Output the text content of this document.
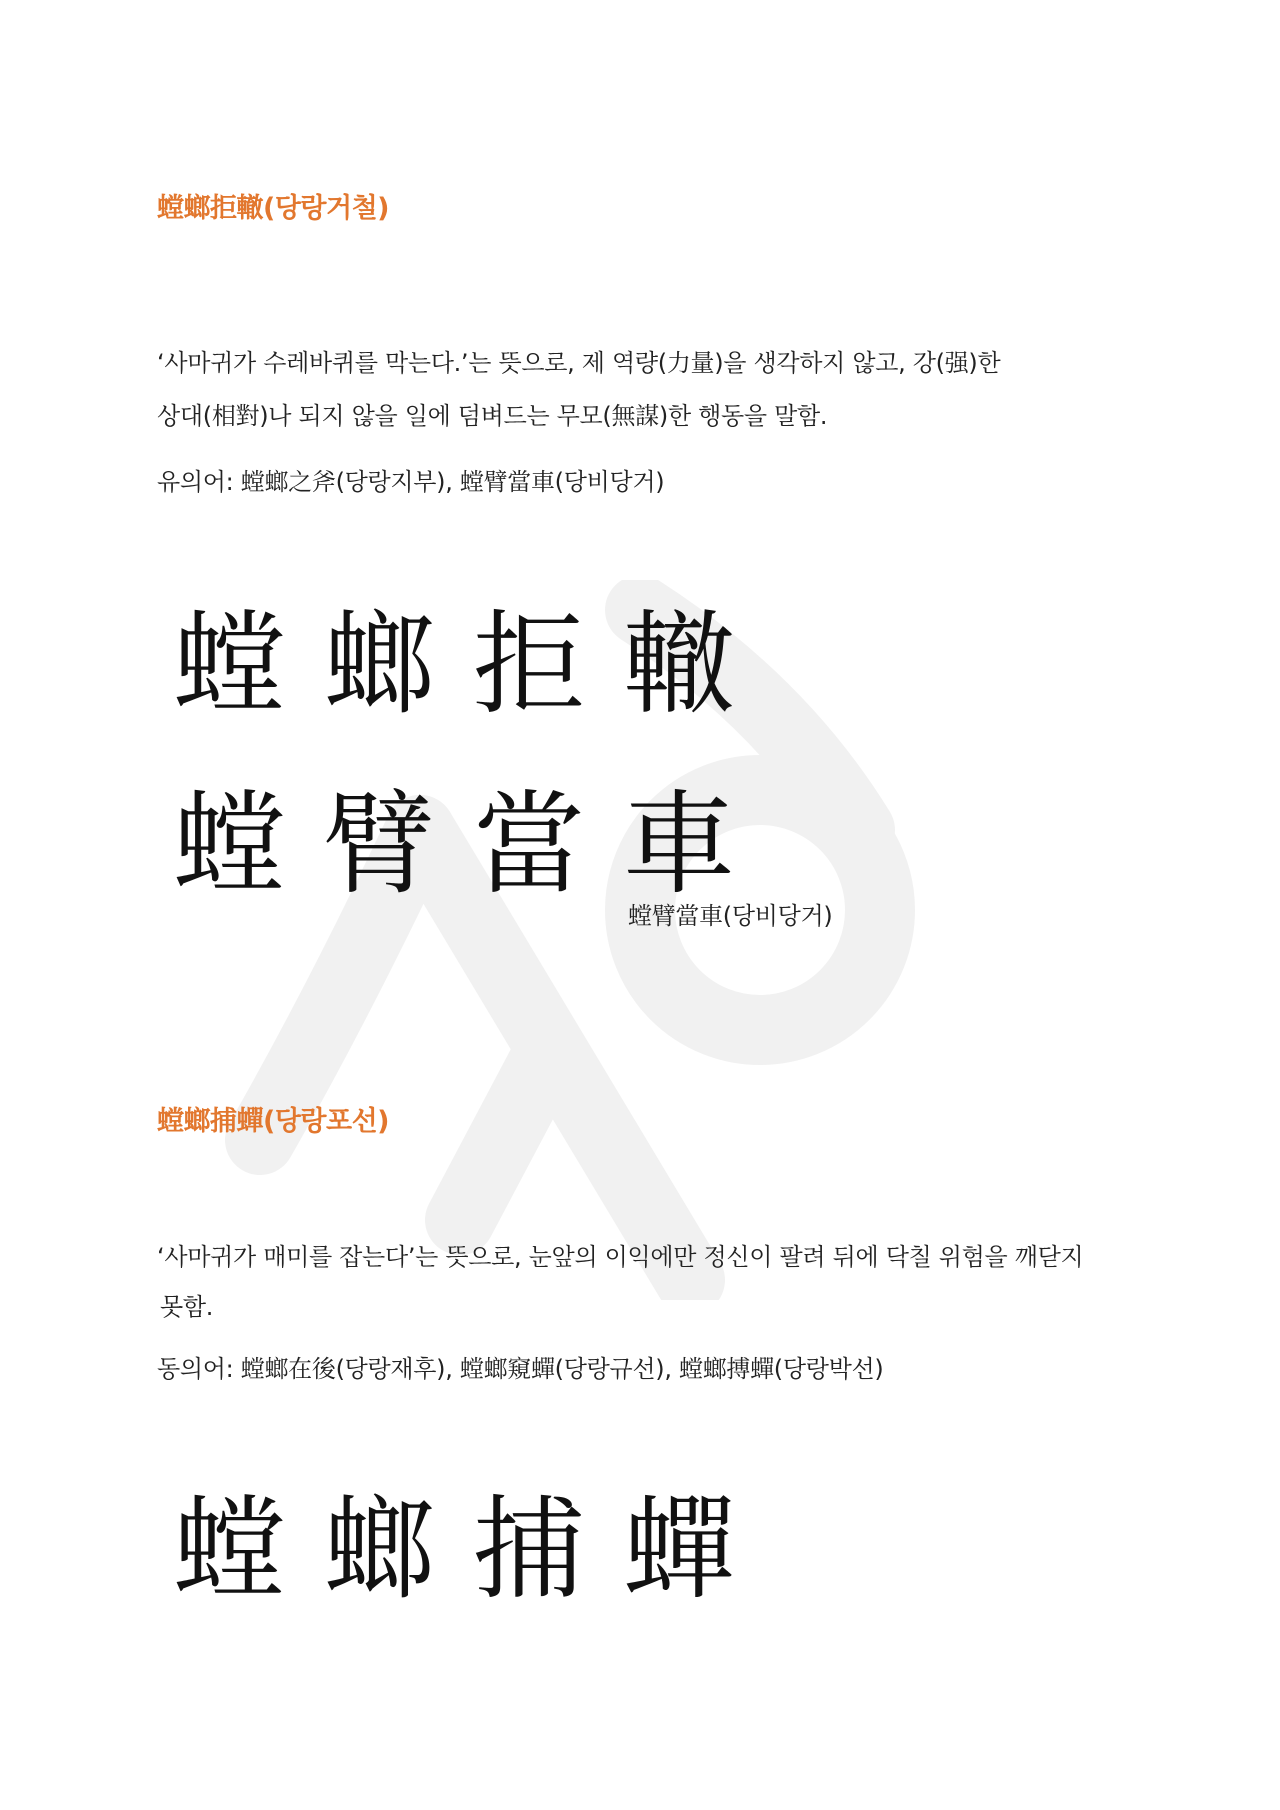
螳螂拒轍(당랑거철)

‘사마귀가 수레바퀴를 막는다.’는 뜻으로, 제 역량(力量)을 생각하지 않고, 강(强)한

상대(相對)나 되지 않을 일에 덤벼드는 무모(無謀)한 행동을 말함.

유의어: 螳螂之斧(당랑지부), 螳臂當車(당비당거)

螳 螂 拒 轍
螳 臂 當 車

螳臂當車(당비당거)

螳螂捕蟬(당랑포선)

‘사마귀가 매미를 잡는다’는 뜻으로, 눈앞의 이익에만 정신이 팔려 뒤에 닥칠 위험을 깨닫지

못함.

동의어: 螳螂在後(당랑재후), 螳螂窺蟬(당랑규선), 螳螂搏蟬(당랑박선)

螳 螂 捕 蟬
